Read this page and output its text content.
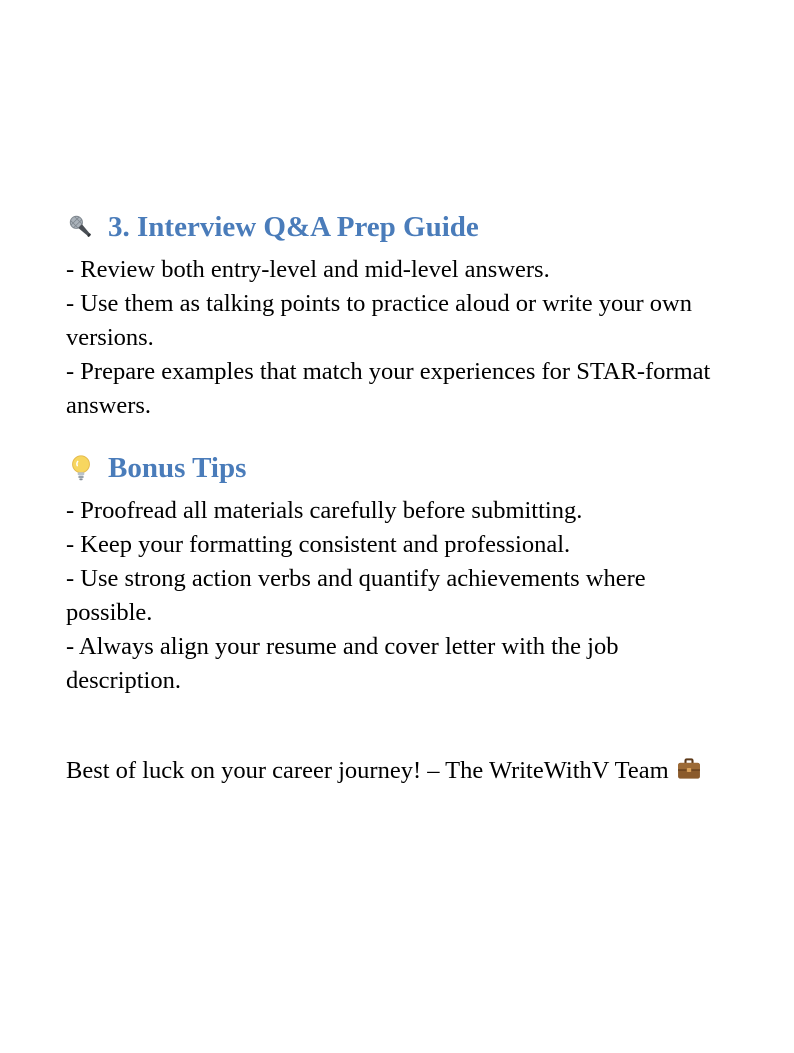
3. Interview Q&A Prep Guide
- Review both entry-level and mid-level answers.
- Use them as talking points to practice aloud or write your own versions.
- Prepare examples that match your experiences for STAR-format answers.
Bonus Tips
- Proofread all materials carefully before submitting.
- Keep your formatting consistent and professional.
- Use strong action verbs and quantify achievements where possible.
- Always align your resume and cover letter with the job description.
Best of luck on your career journey! – The WriteWithV Team
